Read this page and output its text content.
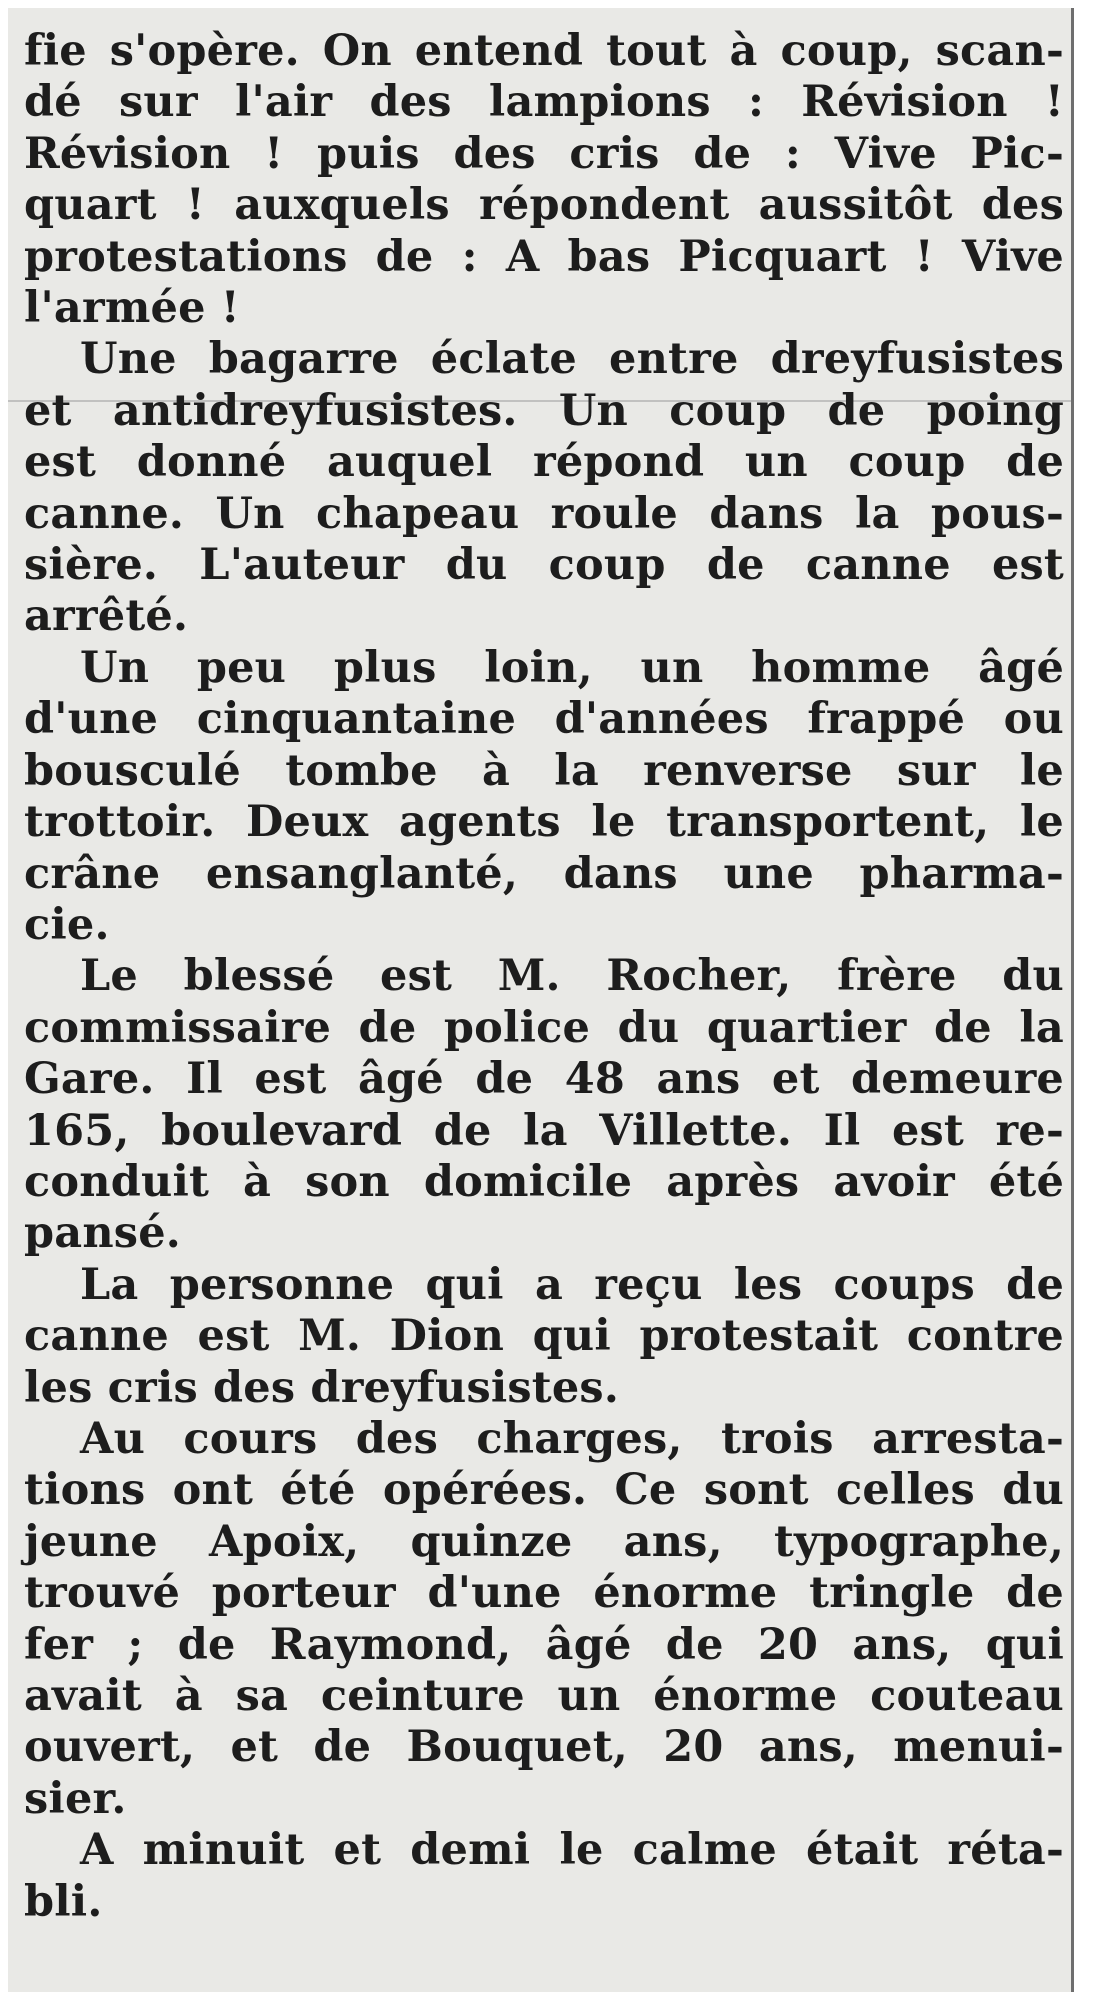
fie s'opère. On entend tout à coup, scan-
dé sur l'air des lampions : Révision !
Révision ! puis des cris de : Vive Pic-
quart ! auxquels répondent aussitôt des
protestations de : A bas Picquart ! Vive
l'armée !

Une bagarre éclate entre dreyfusistes
et antidreyfusistes. Un coup de poing
est donné auquel répond un coup de
canne. Un chapeau roule dans la pous-
sière. L'auteur du coup de canne est
arrêté.

Un peu plus loin, un homme âgé
d'une cinquantaine d'années frappé ou
bousculé tombe à la renverse sur le
trottoir. Deux agents le transportent, le
crâne ensanglanté, dans une pharma-
cie.

Le blessé est M. Rocher, frère du
commissaire de police du quartier de la
Gare. Il est âgé de 48 ans et demeure
165, boulevard de la Villette. Il est re-
conduit à son domicile après avoir été
pansé.

La personne qui a reçu les coups de
canne est M. Dion qui protestait contre
les cris des dreyfusistes.

Au cours des charges, trois arresta-
tions ont été opérées. Ce sont celles du
jeune Apoix, quinze ans, typographe,
trouvé porteur d'une énorme tringle de
fer ; de Raymond, âgé de 20 ans, qui
avait à sa ceinture un énorme couteau
ouvert, et de Bouquet, 20 ans, menui-
sier.

A minuit et demi le calme était réta-
bli.
